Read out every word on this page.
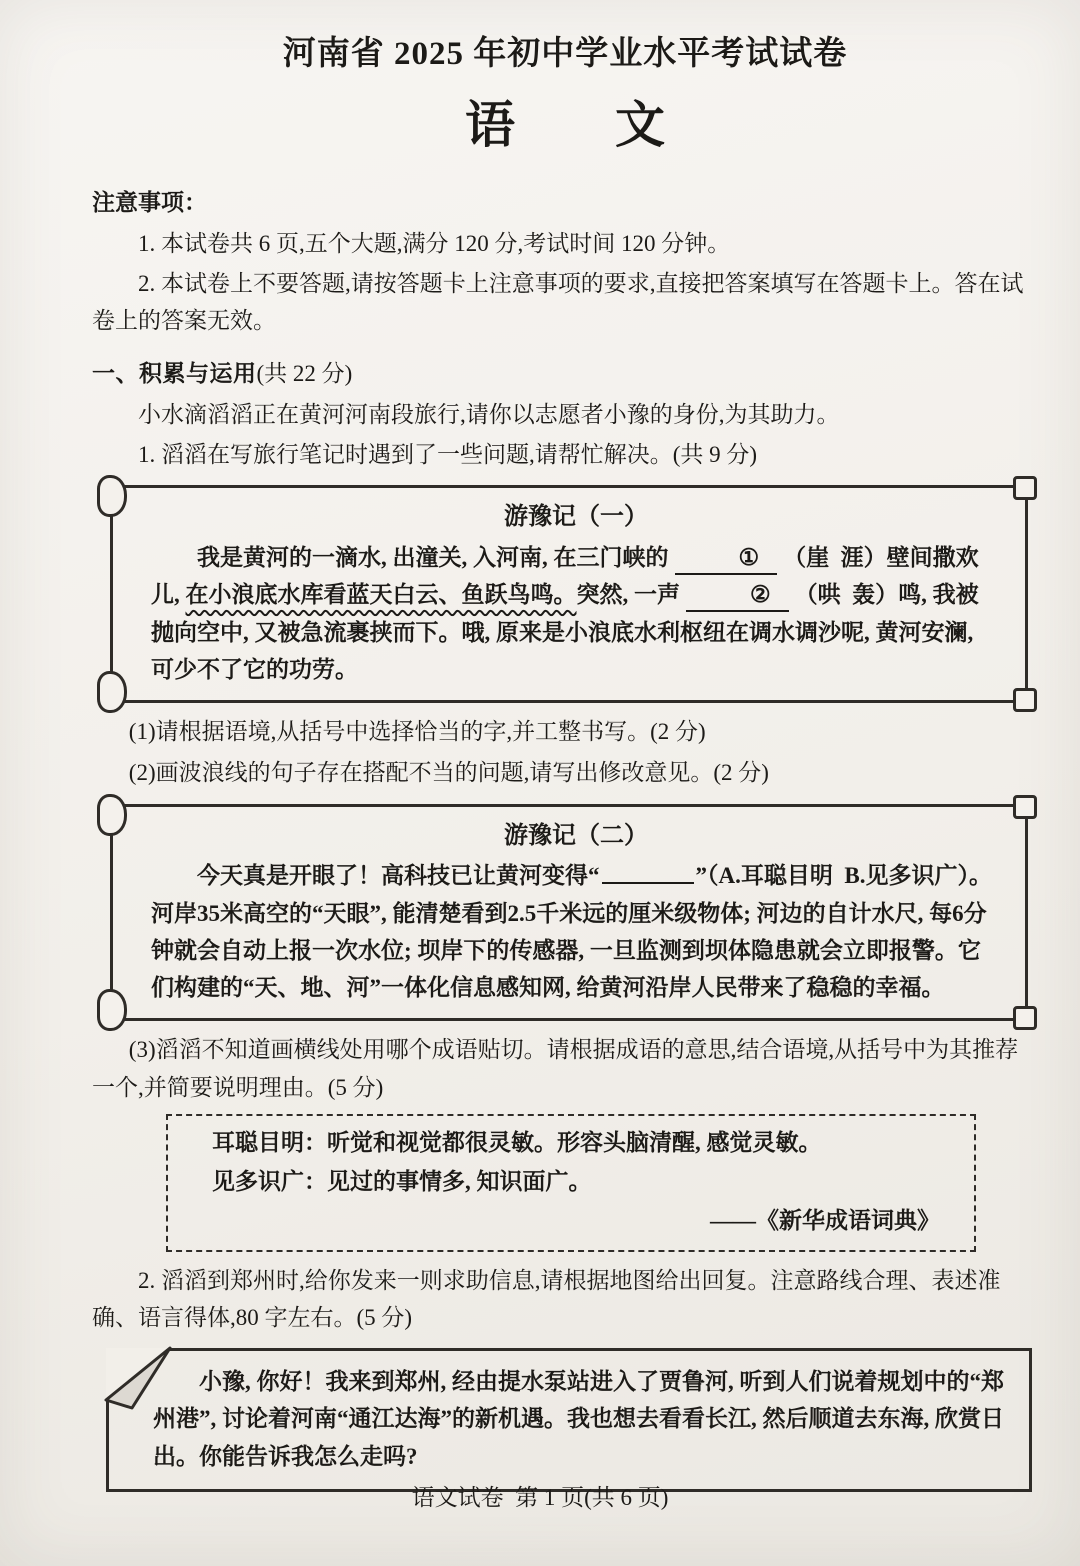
河南省 2025 年初中学业水平考试试卷
语        文

注意事项：

1. 本试卷共 6 页,五个大题,满分 120 分,考试时间 120 分钟。

2. 本试卷上不要答题,请按答题卡上注意事项的要求,直接把答案填写在答题卡上。答在试卷上的答案无效。

一、积累与运用(共 22 分)

小水滴滔滔正在黄河河南段旅行,请你以志愿者小豫的身份,为其助力。

1. 滔滔在写旅行笔记时遇到了一些问题,请帮忙解决。(共 9 分)

游豫记（一）

我是黄河的一滴水, 出潼关, 入河南, 在三门峡的	① （崖  涯）壁间撒欢儿, 在小浪底水库看蓝天白云、鱼跃鸟鸣。突然, 一声	② （哄  轰）鸣, 我被抛向空中, 又被急流裹挟而下。哦, 原来是小浪底水利枢纽在调水调沙呢, 黄河安澜, 可少不了它的功劳。

(1)请根据语境,从括号中选择恰当的字,并工整书写。(2 分)

(2)画波浪线的句子存在搭配不当的问题,请写出修改意见。(2 分)

游豫记（二）

今天真是开眼了！高科技已让黄河变得“	”（A.耳聪目明  B.见多识广）。河岸35米高空的“天眼”, 能清楚看到2.5千米远的厘米级物体; 河边的自计水尺, 每6分钟就会自动上报一次水位; 坝岸下的传感器, 一旦监测到坝体隐患就会立即报警。它们构建的“天、地、河”一体化信息感知网, 给黄河沿岸人民带来了稳稳的幸福。

(3)滔滔不知道画横线处用哪个成语贴切。请根据成语的意思,结合语境,从括号中为其推荐一个,并简要说明理由。(5 分)

耳聪目明：听觉和视觉都很灵敏。形容头脑清醒, 感觉灵敏。

见多识广：见过的事情多, 知识面广。

——《新华成语词典》

2. 滔滔到郑州时,给你发来一则求助信息,请根据地图给出回复。注意路线合理、表述准确、语言得体,80 字左右。(5 分)

小豫, 你好！我来到郑州, 经由提水泵站进入了贾鲁河, 听到人们说着规划中的“郑州港”, 讨论着河南“通江达海”的新机遇。我也想去看看长江, 然后顺道去东海, 欣赏日出。你能告诉我怎么走吗?

语文试卷  第 1 页(共 6 页)
